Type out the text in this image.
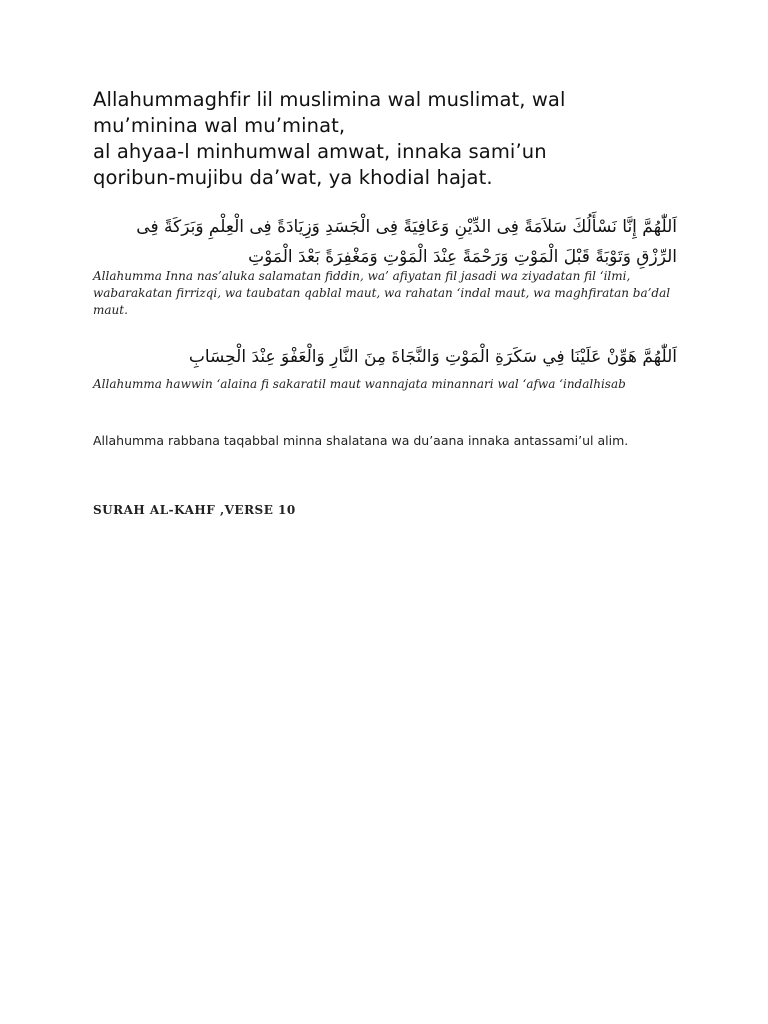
Allahummaghfir lil muslimina wal muslimat, wal
mu’minina wal mu’minat,
al ahyaa-l minhumwal amwat, innaka sami’un
qoribun-mujibu da’wat, ya khodial hajat.
اَللّٰهُمَّ إِنَّا نَسْأَلُكَ سَلاَمَةً فِى الدِّيْنِ وَعَافِيَةً فِى الْجَسَدِ وَزِيَادَةً فِى الْعِلْمِ وَبَرَكَةً فِى الرِّزْقِ وَتَوْبَةً قَبْلَ الْمَوْتِ وَرَحْمَةً عِنْدَ الْمَوْتِ وَمَغْفِرَةً بَعْدَ الْمَوْتِ
Allahumma Inna nas’aluka salamatan fiddin, wa’ afiyatan fil jasadi wa ziyadatan fil ‘ilmi, wabarakatan firrizqi, wa taubatan qablal maut, wa rahatan ‘indal maut, wa maghfiratan ba’dal maut.
اَللّٰهُمَّ هَوِّنْ عَلَيْنَا فِي سَكَرَةِ الْمَوْتِ وَالنَّجَاةَ مِنَ النَّارِ وَالْعَفْوَ عِنْدَ الْحِسَابِ
Allahumma hawwin ‘alaina fi sakaratil maut wannajata minannari wal ‘afwa ‘indalhisab
Allahumma rabbana taqabbal minna shalatana wa du’aana innaka antassami’ul alim.
SURAH AL-KAHF ,VERSE 10
